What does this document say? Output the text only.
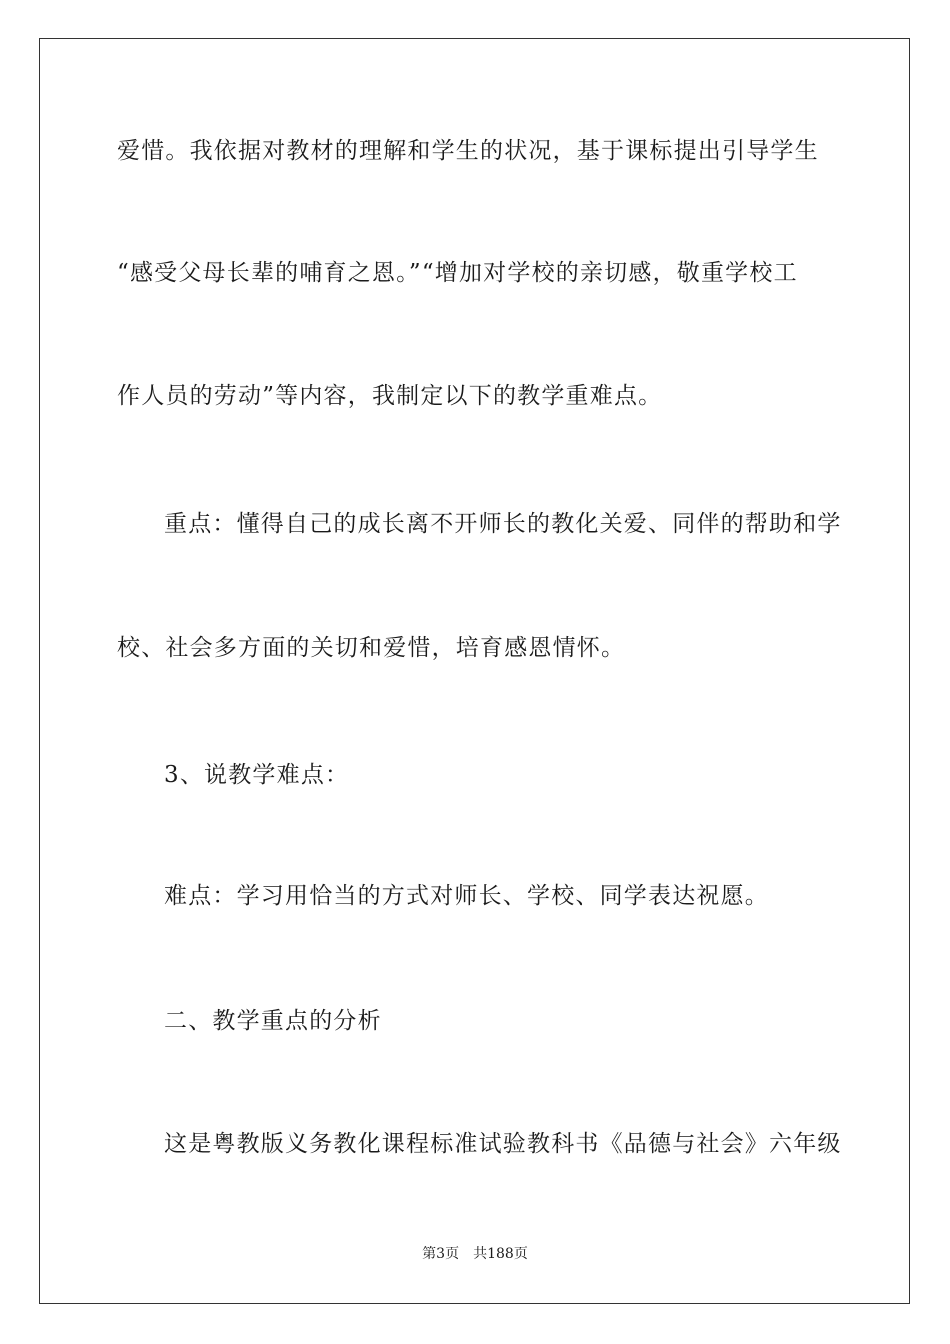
爱惜。我依据对教材的理解和学生的状况，基于课标提出引导学生
“感受父母长辈的哺育之恩。”“增加对学校的亲切感，敬重学校工
作人员的劳动”等内容，我制定以下的教学重难点。
重点：懂得自己的成长离不开师长的教化关爱、同伴的帮助和学
校、社会多方面的关切和爱惜，培育感恩情怀。
3、说教学难点：
难点：学习用恰当的方式对师长、学校、同学表达祝愿。
二、教学重点的分析
这是粤教版义务教化课程标准试验教科书《品德与社会》六年级
第3页 共188页
